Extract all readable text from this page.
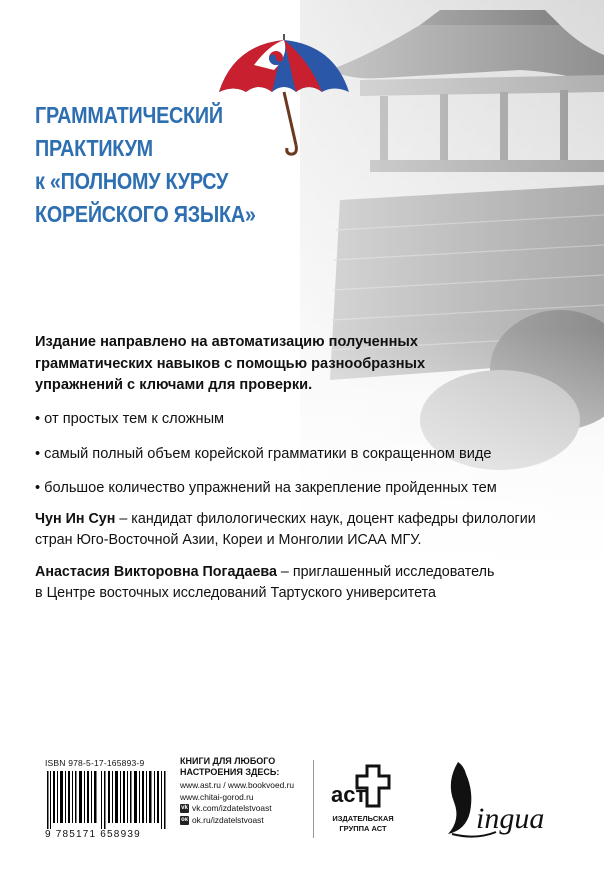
ГРАММАТИЧЕСКИЙ
ПРАКТИКУМ
к «ПОЛНОМУ КУРСУ
КОРЕЙСКОГО ЯЗЫКА»
Издание направлено на автоматизацию полученных
грамматических навыков с помощью разнообразных
упражнений с ключами для проверки.
• от простых тем к сложным
• самый полный объем корейской грамматики в сокращенном виде
• большое количество упражнений на закрепление пройденных тем
Чун Ин Сун – кандидат филологических наук, доцент кафедры филологии
стран Юго-Восточной Азии, Кореи и Монголии ИСАА МГУ.
Анастасия Викторовна Погадаева – приглашенный исследователь
в Центре восточных исследований Тартуского университета
ISBN 978-5-17-165893-9
9 785171 658939
КНИГИ ДЛЯ ЛЮБОГО
НАСТРОЕНИЯ ЗДЕСЬ:
www.ast.ru / www.bookvoed.ru
www.chitai-gorod.ru
vk vk.com/izdatelstvoast
ок ok.ru/izdatelstvoast
аст
ИЗДАТЕЛЬСКАЯ
ГРУППА АСТ	ingua
